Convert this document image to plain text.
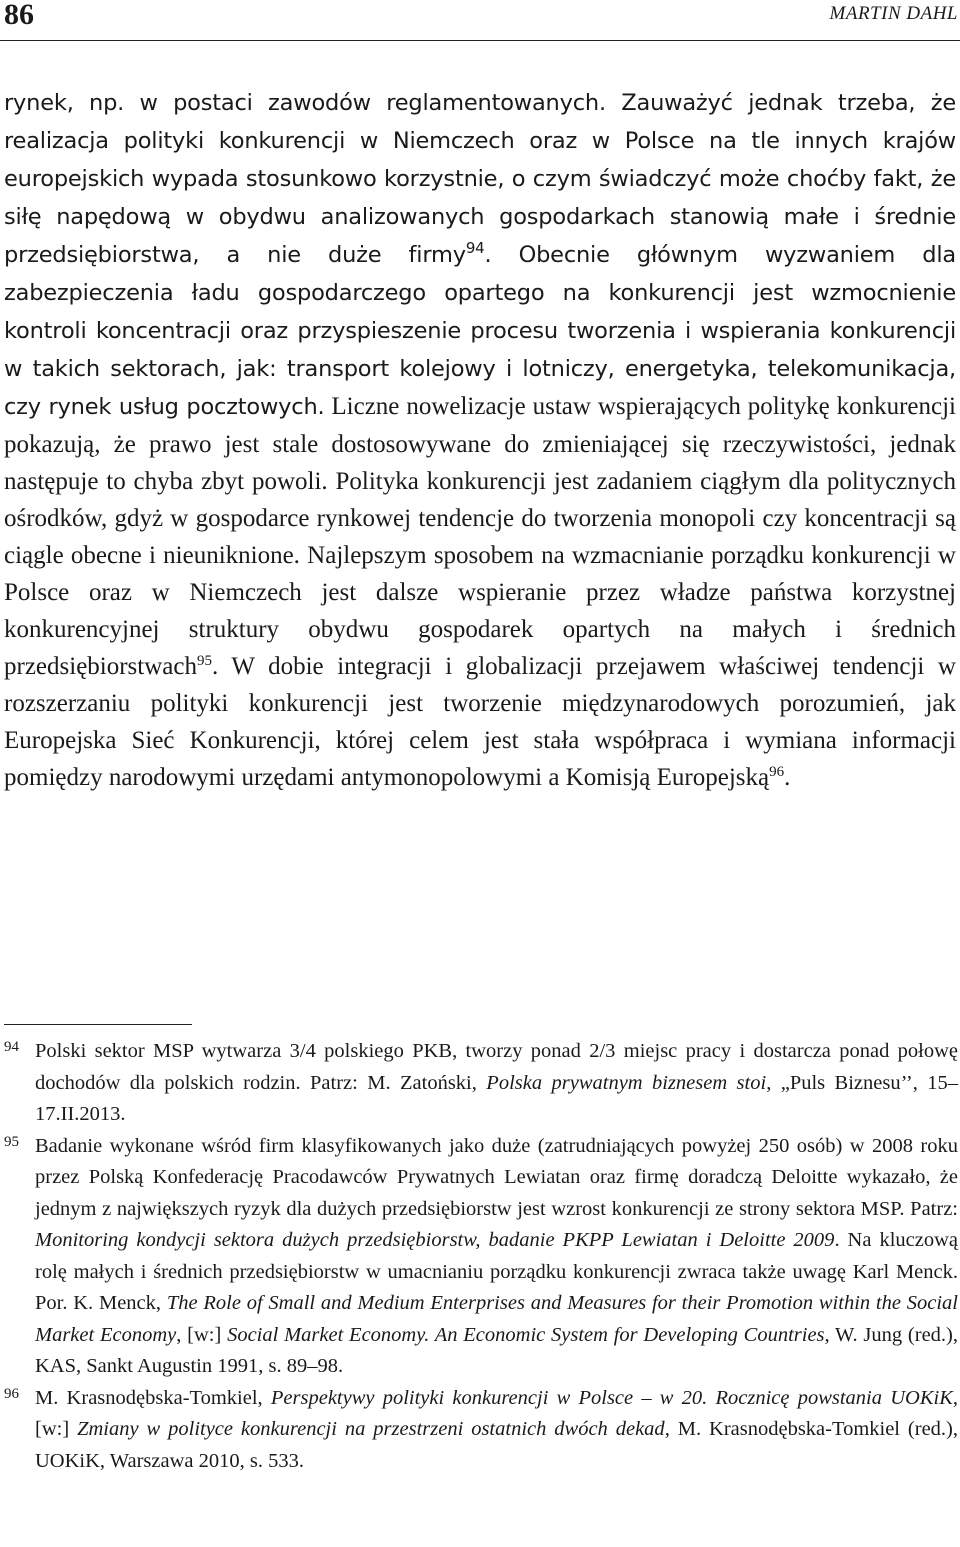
86	MARTIN DAHL

rynek, np. w postaci zawodów reglamentowanych. Zauważyć jednak trzeba, że realizacja polityki konkurencji w Niemczech oraz w Polsce na tle innych krajów europejskich wypada stosunkowo korzystnie, o czym świadczyć może choćby fakt, że siłę napędową w obydwu analizowanych gospodarkach stanowią małe i średnie przedsiębiorstwa, a nie duże firmy$^{94}$. Obecnie głównym wyzwaniem dla zabezpieczenia ładu gospodarczego opartego na konkurencji jest wzmocnienie kontroli koncentracji oraz przyspieszenie procesu tworzenia i wspierania konkurencji w takich sektorach, jak: transport kolejowy i lotniczy, energetyka, telekomunikacja, czy rynek usług pocztowych. Liczne nowelizacje ustaw wspierających politykę konkurencji pokazują, że prawo jest stale dostosowywane do zmieniającej się rzeczywistości, jednak następuje to chyba zbyt powoli. Polityka konkurencji jest zadaniem ciągłym dla politycznych ośrodków, gdyż w gospodarce rynkowej tendencje do tworzenia monopoli czy koncentracji są ciągle obecne i nieuniknione. Najlepszym sposobem na wzmacnianie porządku konkurencji w Polsce oraz w Niemczech jest dalsze wspieranie przez władze państwa korzystnej konkurencyjnej struktury obydwu gospodarek opartych na małych i średnich przedsiębiorstwach$^{95}$. W dobie integracji i globalizacji przejawem właściwej tendencji w rozszerzaniu polityki konkurencji jest tworzenie międzynarodowych porozumień, jak Europejska Sieć Konkurencji, której celem jest stała współpraca i wymiana informacji pomiędzy narodowymi urzędami antymonopolowymi a Komisją Europejską$^{96}$.

94 Polski sektor MSP wytwarza 3/4 polskiego PKB, tworzy ponad 2/3 miejsc pracy i dostarcza ponad połowę dochodów dla polskich rodzin. Patrz: M. Zatoński, Polska prywatnym biznesem stoi, „Puls Biznesu’’, 15–17.II.2013.

95 Badanie wykonane wśród firm klasyfikowanych jako duże (zatrudniających powyżej 250 osób) w 2008 roku przez Polską Konfederację Pracodawców Prywatnych Lewiatan oraz firmę doradczą Deloitte wykazało, że jednym z największych ryzyk dla dużych przedsiębiorstw jest wzrost konkurencji ze strony sektora MSP. Patrz: Monitoring kondycji sektora dużych przedsiębiorstw, badanie PKPP Lewiatan i Deloitte 2009. Na kluczową rolę małych i średnich przedsiębiorstw w umacnianiu porządku konkurencji zwraca także uwagę Karl Menck. Por. K. Menck, The Role of Small and Medium Enterprises and Measures for their Promotion within the Social Market Economy, [w:] Social Market Economy. An Economic System for Developing Countries, W. Jung (red.), KAS, Sankt Augustin 1991, s. 89–98.

96 M. Krasnodębska-Tomkiel, Perspektywy polityki konkurencji w Polsce – w 20. Rocznicę powstania UOKiK, [w:] Zmiany w polityce konkurencji na przestrzeni ostatnich dwóch dekad, M. Krasnodębska-Tomkiel (red.), UOKiK, Warszawa 2010, s. 533.
